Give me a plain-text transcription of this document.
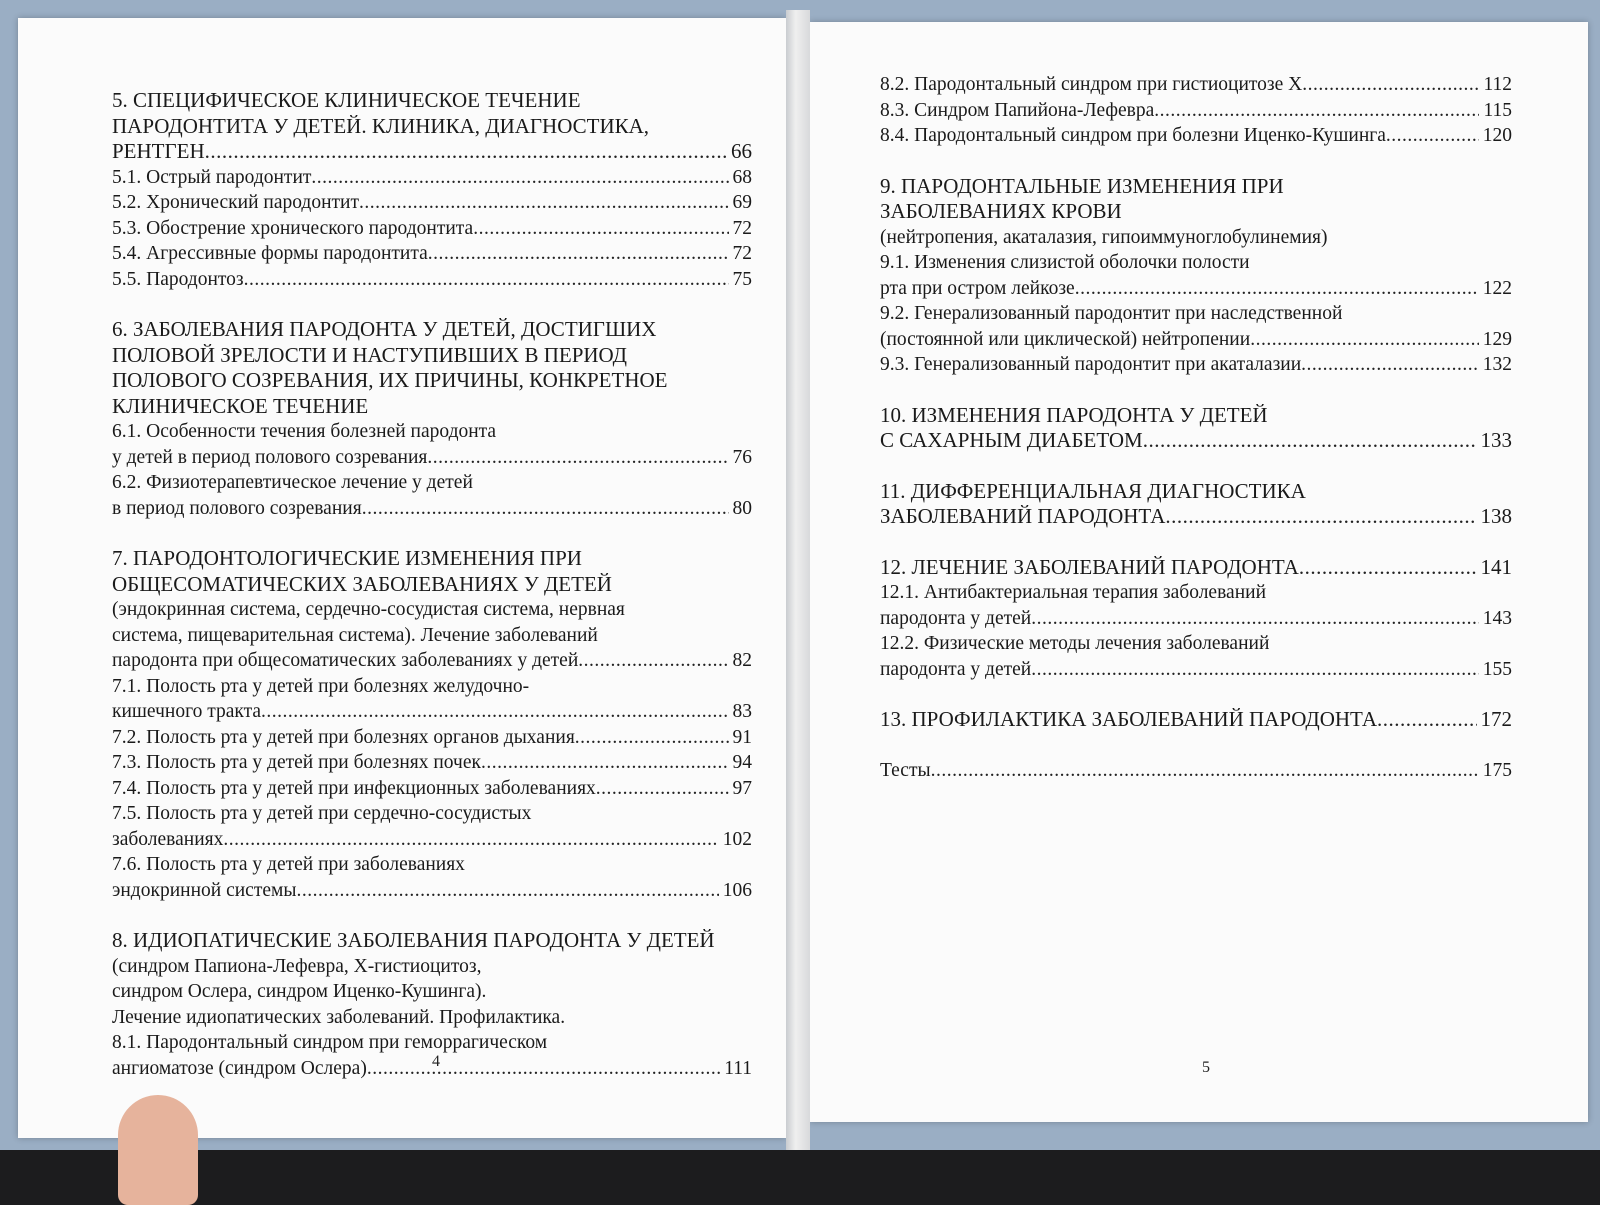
5. СПЕЦИФИЧЕСКОЕ КЛИНИЧЕСКОЕ ТЕЧЕНИЕ
ПАРОДОНТИТА У ДЕТЕЙ. КЛИНИКА, ДИАГНОСТИКА,
РЕНТГЕН .....	66
5.1. Острый пародонтит .....	68
5.2. Хронический пародонтит .....	69
5.3. Обострение хронического пародонтита .....	72
5.4. Агрессивные формы пародонтита .....	72
5.5. Пародонтоз .....	75
6. ЗАБОЛЕВАНИЯ ПАРОДОНТА У ДЕТЕЙ, ДОСТИГШИХ
ПОЛОВОЙ ЗРЕЛОСТИ И НАСТУПИВШИХ В ПЕРИОД
ПОЛОВОГО СОЗРЕВАНИЯ, ИХ ПРИЧИНЫ, КОНКРЕТНОЕ
КЛИНИЧЕСКОЕ ТЕЧЕНИЕ
6.1. Особенности течения болезней пародонта
у детей в период полового созревания .....	76
6.2. Физиотерапевтическое лечение у детей
в период полового созревания .....	80
7. ПАРОДОНТОЛОГИЧЕСКИЕ ИЗМЕНЕНИЯ ПРИ
ОБЩЕСОМАТИЧЕСКИХ ЗАБОЛЕВАНИЯХ У ДЕТЕЙ
(эндокринная система, сердечно-сосудистая система, нервная
система, пищеварительная система). Лечение заболеваний
пародонта при общесоматических заболеваниях у детей .....	82
7.1. Полость рта у детей при болезнях желудочно-
кишечного тракта .....	83
7.2. Полость рта у детей при болезнях органов дыхания .....	91
7.3. Полость рта у детей при болезнях почек .....	94
7.4. Полость рта у детей при инфекционных заболеваниях .....	97
7.5. Полость рта у детей при сердечно-сосудистых
заболеваниях .....	102
7.6. Полость рта у детей при заболеваниях
эндокринной системы .....	106
8. ИДИОПАТИЧЕСКИЕ ЗАБОЛЕВАНИЯ ПАРОДОНТА У ДЕТЕЙ
(синдром Папиона-Лефевра, Х-гистиоцитоз,
синдром Ослера, синдром Иценко-Кушинга).
Лечение идиопатических заболеваний. Профилактика.
8.1. Пародонтальный синдром при геморрагическом
ангиоматозе (синдром Ослера) .....	111
8.2. Пародонтальный синдром при гистиоцитозе Х .....	112
8.3. Синдром Папийона-Лефевра .....	115
8.4. Пародонтальный синдром при болезни Иценко-Кушинга .....	120
9. ПАРОДОНТАЛЬНЫЕ ИЗМЕНЕНИЯ ПРИ
ЗАБОЛЕВАНИЯХ КРОВИ
(нейтропения, акаталазия, гипоиммуноглобулинемия)
9.1. Изменения слизистой оболочки полости
рта при остром лейкозе .....	122
9.2. Генерализованный пародонтит при наследственной
(постоянной или циклической) нейтропении .....	129
9.3. Генерализованный пародонтит при акаталазии .....	132
10. ИЗМЕНЕНИЯ ПАРОДОНТА У ДЕТЕЙ
С САХАРНЫМ ДИАБЕТОМ .....	133
11. ДИФФЕРЕНЦИАЛЬНАЯ ДИАГНОСТИКА
ЗАБОЛЕВАНИЙ ПАРОДОНТА .....	138
12. ЛЕЧЕНИЕ ЗАБОЛЕВАНИЙ ПАРОДОНТА .....	141
12.1. Антибактериальная терапия заболеваний
пародонта у детей .....	143
12.2. Физические методы лечения заболеваний
пародонта у детей .....	155
13. ПРОФИЛАКТИКА ЗАБОЛЕВАНИЙ ПАРОДОНТА .....	172
Тесты .....	175
4	5
